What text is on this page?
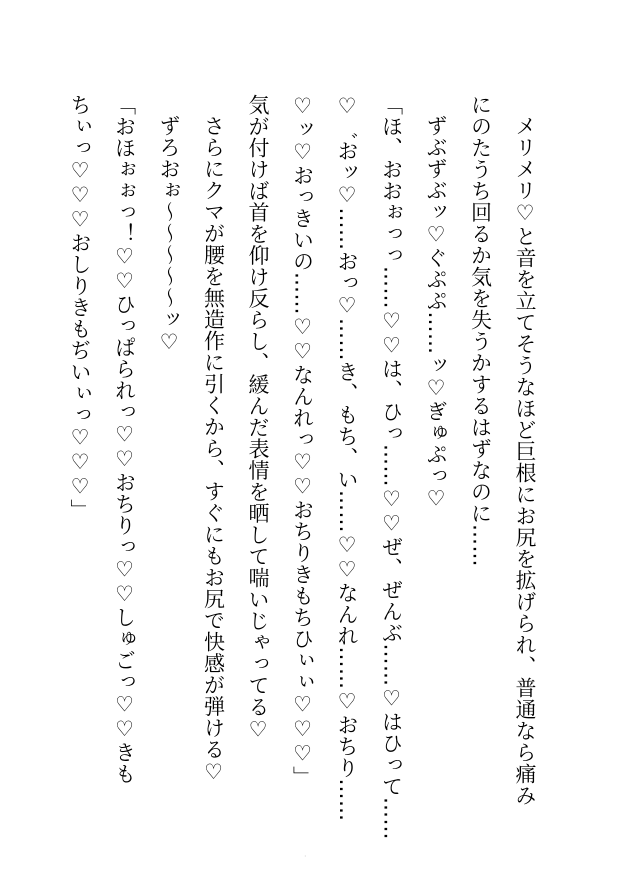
メリメリ♡と音を立てそうなほど巨根にお尻を拡げられ、普通なら痛み

にのたうち回るか気を失うかするはずなのに……

ずぶずぶッ♡ぐぷぷ……ッ♡ぎゅぷっ♡

「ほ、おおぉっっ……♡♡は、ひっ……♡♡ぜ、ぜんぶ……♡はひって……

♡゛おッ♡……おっ♡……き、もち、い……♡♡なんれ……♡おちり……

♡ッ♡おっきいの……♡♡なんれっ♡♡おちりきもちひぃぃ♡♡♡」

気が付けば首を仰け反らし、緩んだ表情を晒して喘いじゃってる♡

さらにクマが腰を無造作に引くから、すぐにもお尻で快感が弾ける♡

ずろおぉ～～～～～ッ♡

「おほぉぉっ！♡♡ひっぱられっ♡♡おちりっ♡♡しゅごっ♡♡きも

ちぃっ♡♡♡おしりきもぢいぃっ♡♡♡」

·
